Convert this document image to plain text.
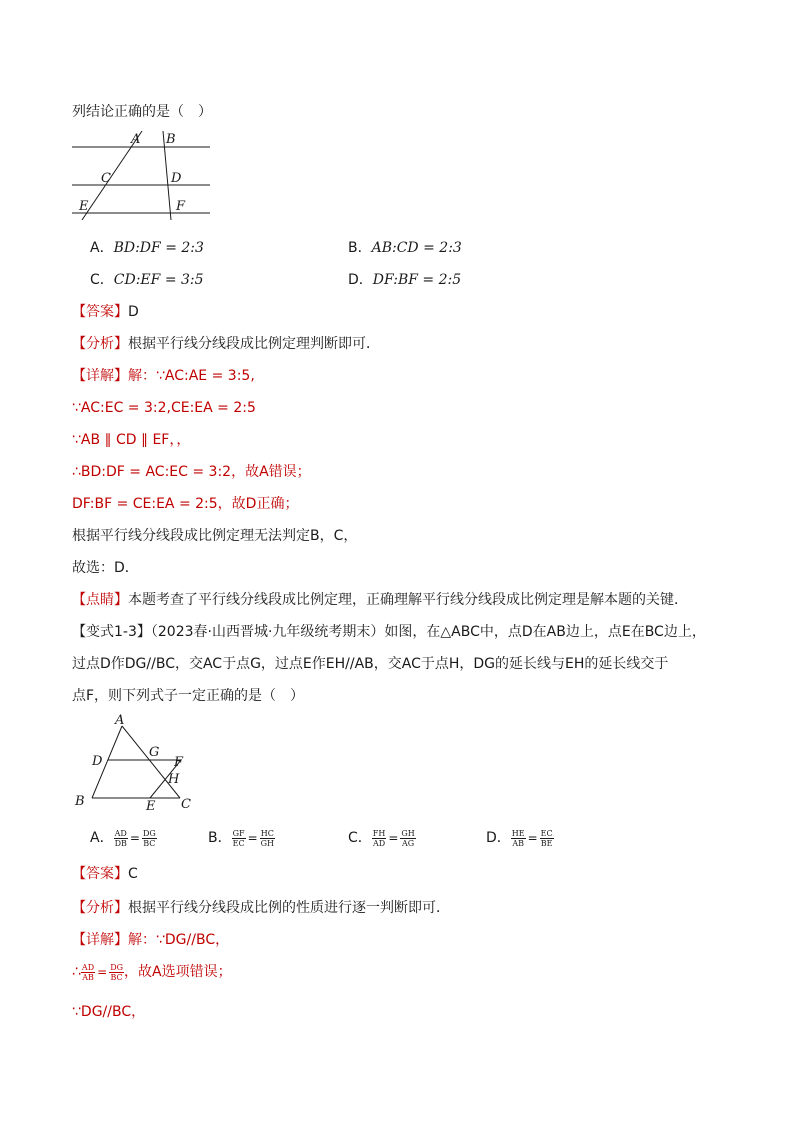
列结论正确的是（　）
A B
C	D
E	F
A．BD:DF = 2:3	B．AB:CD = 2:3
C．CD:EF = 3:5	D．DF:BF = 2:5
【答案】D
【分析】根据平行线分线段成比例定理判断即可．
【详解】解：∵AC:AE = 3:5,
∵AC:EC = 3:2,CE:EA = 2:5
∵AB ∥ CD ∥ EF，，
∴BD:DF = AC:EC = 3:2，故A错误；
DF:BF = CE:EA = 2:5，故D正确；
根据平行线分线段成比例定理无法判定B，C，
故选：D．
【点睛】本题考查了平行线分线段成比例定理，正确理解平行线分线段成比例定理是解本题的关键．
【变式1-3】（2023春·山西晋城·九年级统考期末）如图，在△ABC中，点D在AB边上，点E在BC边上，
过点D作DG//BC，交AC于点G，过点E作EH//AB，交AC于点H，DG的延长线与EH的延长线交于
点F，则下列式子一定正确的是（　）
A
D
G
F
H
B	E C
A． $\frac{AD}{DB} = \frac{DG}{BC}$	B． $\frac{GF}{EC} = \frac{HC}{GH}$	C． $\frac{FH}{AD} = \frac{GH}{AG}$	D． $\frac{HE}{AB} = \frac{EC}{BE}$
【答案】C
【分析】根据平行线分线段成比例的性质进行逐一判断即可．
【详解】解：∵DG//BC，
∴ $\frac{AD}{AB} = \frac{DG}{BC}$ ，故A选项错误；
∵DG//BC，
